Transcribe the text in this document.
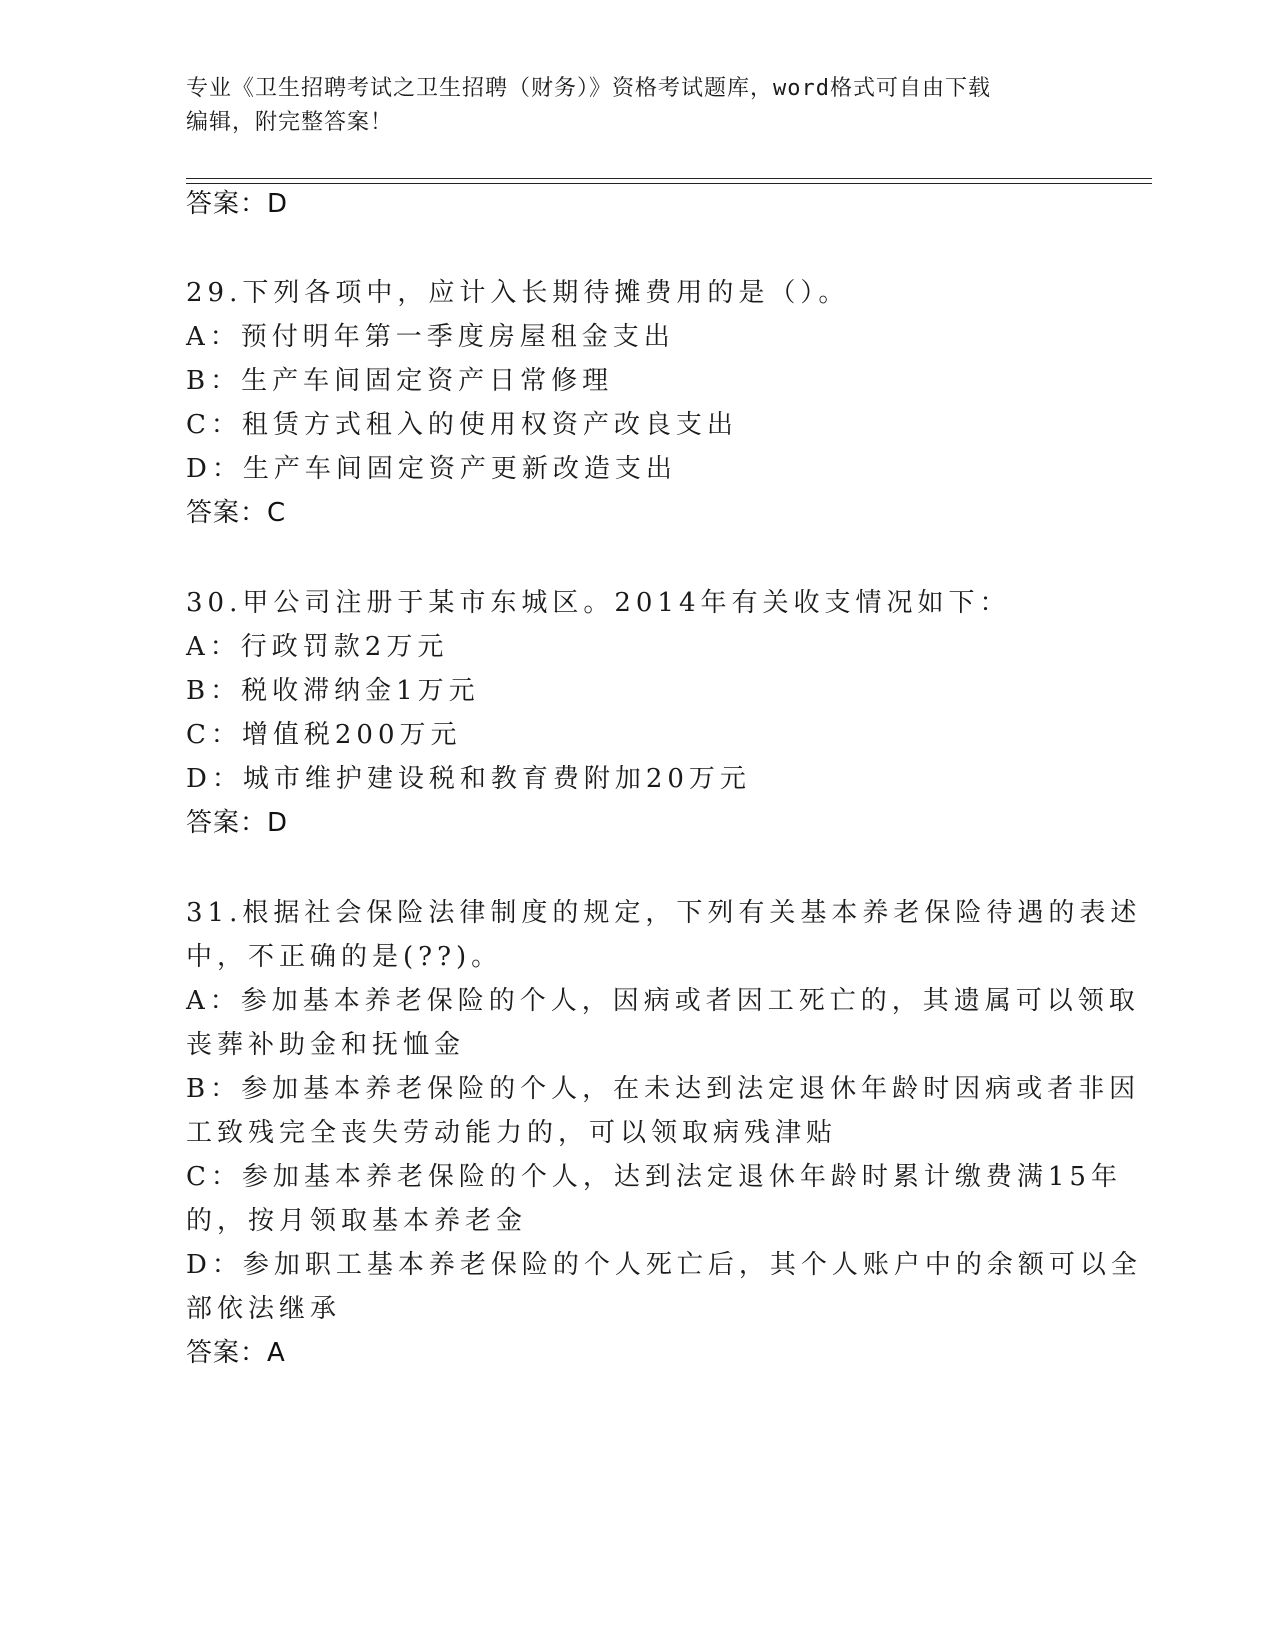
专业《卫生招聘考试之卫生招聘（财务）》资格考试题库，word格式可自由下载
编辑，附完整答案！
答案：D
29.下列各项中，应计入长期待摊费用的是（）。
A：预付明年第一季度房屋租金支出
B：生产车间固定资产日常修理
C：租赁方式租入的使用权资产改良支出
D：生产车间固定资产更新改造支出
答案：C
30.甲公司注册于某市东城区。2014年有关收支情况如下：
A：行政罚款2万元
B：税收滞纳金1万元
C：增值税200万元
D：城市维护建设税和教育费附加20万元
答案：D
31.根据社会保险法律制度的规定，下列有关基本养老保险待遇的表述
中，不正确的是(??)。
A：参加基本养老保险的个人，因病或者因工死亡的，其遗属可以领取
丧葬补助金和抚恤金
B：参加基本养老保险的个人，在未达到法定退休年龄时因病或者非因
工致残完全丧失劳动能力的，可以领取病残津贴
C：参加基本养老保险的个人，达到法定退休年龄时累计缴费满15年
的，按月领取基本养老金
D：参加职工基本养老保险的个人死亡后，其个人账户中的余额可以全
部依法继承
答案：A
